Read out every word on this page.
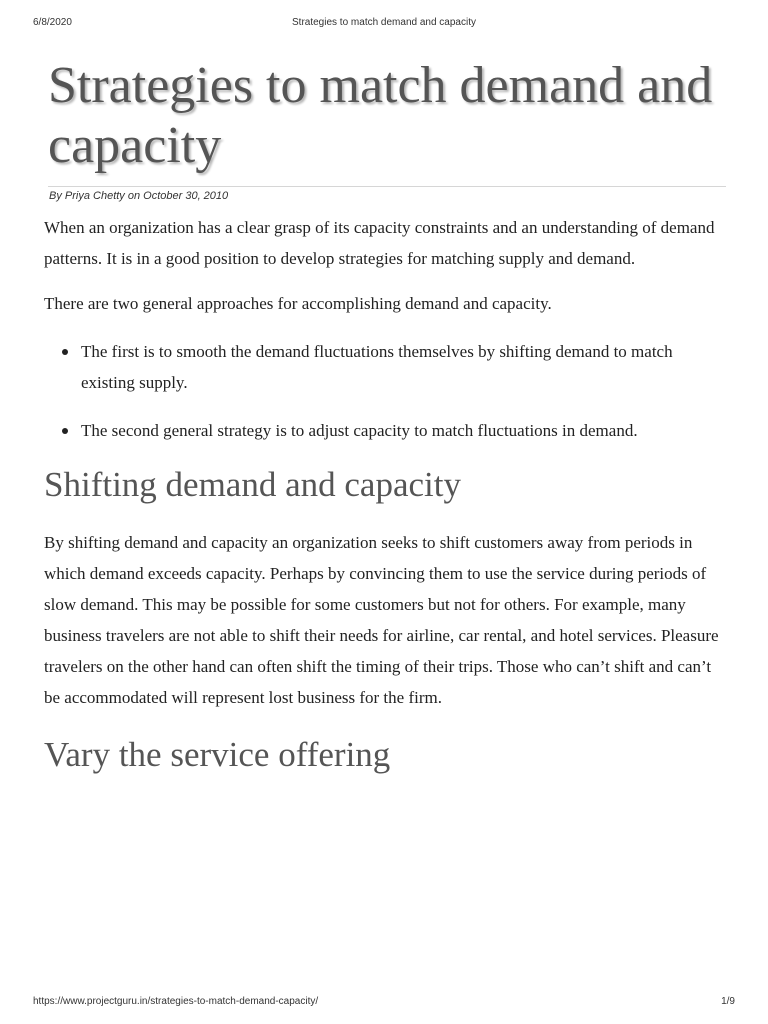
6/8/2020	Strategies to match demand and capacity
Strategies to match demand and capacity
By Priya Chetty on October 30, 2010

When an organization has a clear grasp of its capacity constraints and an understanding of demand patterns. It is in a good position to develop strategies for matching supply and demand.

There are two general approaches for accomplishing demand and capacity.

The first is to smooth the demand fluctuations themselves by shifting demand to match existing supply.
The second general strategy is to adjust capacity to match fluctuations in demand.
Shifting demand and capacity

By shifting demand and capacity an organization seeks to shift customers away from periods in which demand exceeds capacity. Perhaps by convincing them to use the service during periods of slow demand. This may be possible for some customers but not for others. For example, many business travelers are not able to shift their needs for airline, car rental, and hotel services. Pleasure travelers on the other hand can often shift the timing of their trips. Those who can’t shift and can’t be accommodated will represent lost business for the firm.

Vary the service offering
https://www.projectguru.in/strategies-to-match-demand-capacity/	1/9
